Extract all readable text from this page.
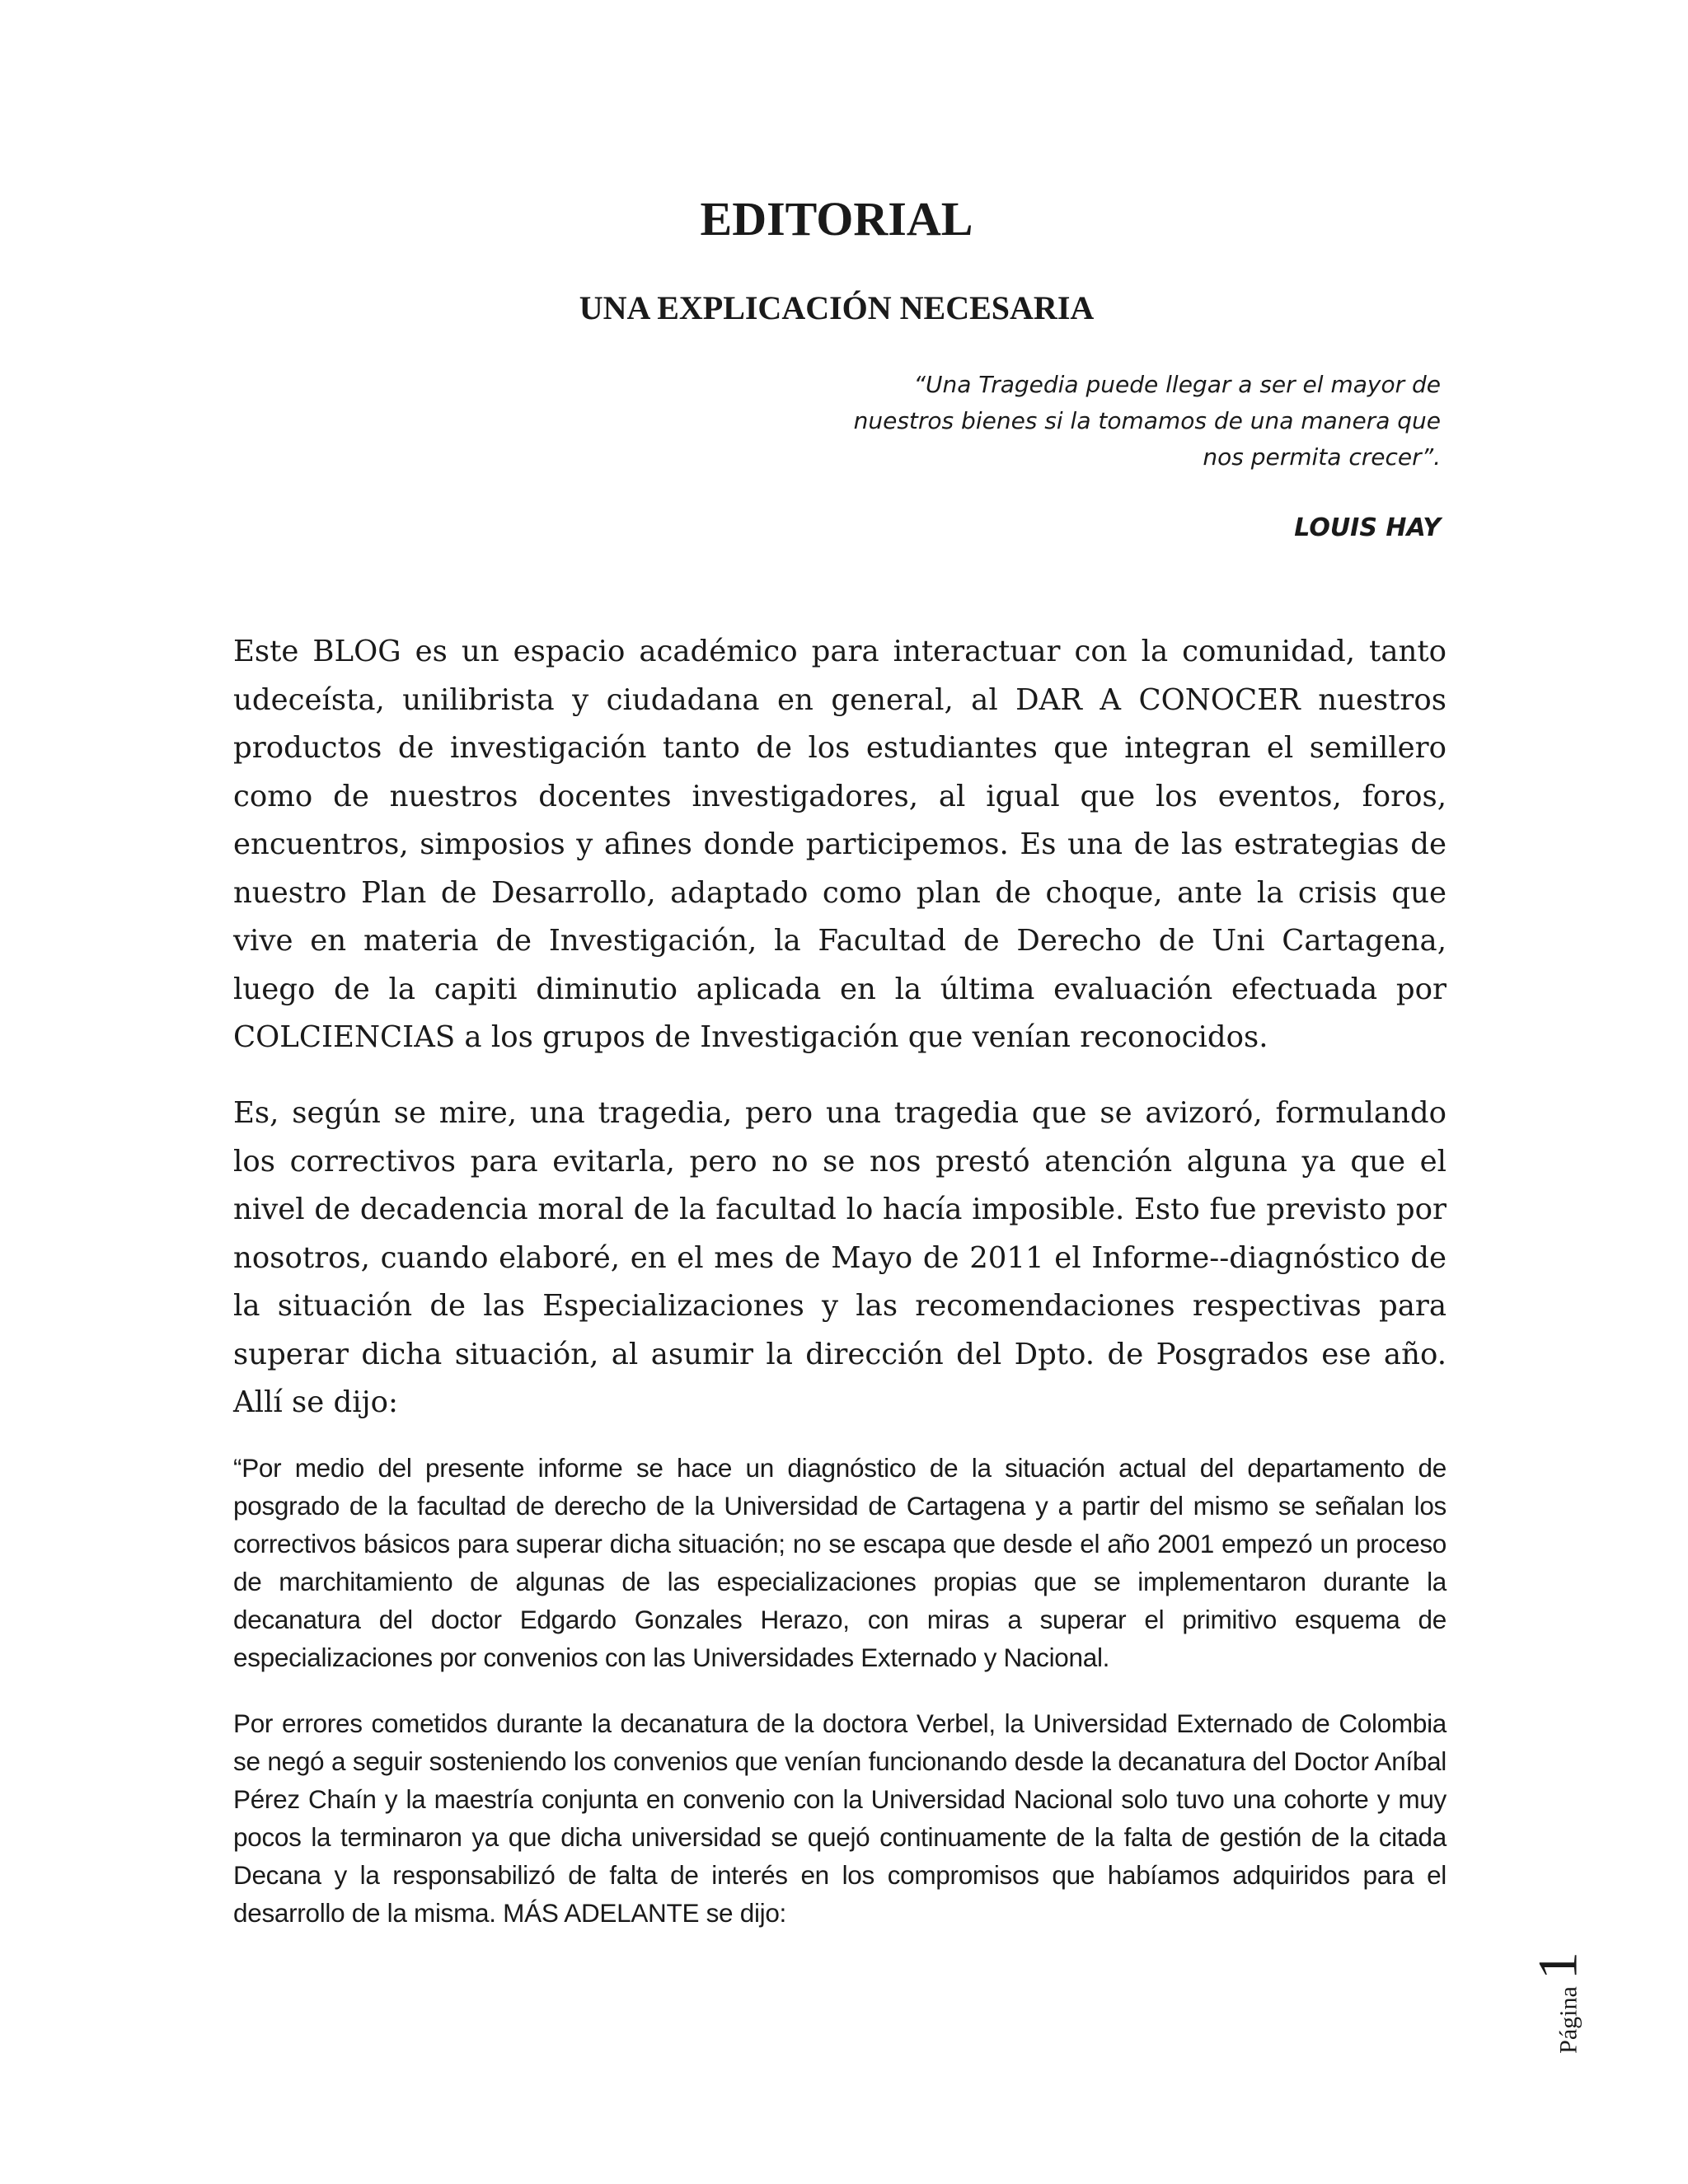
EDITORIAL
UNA EXPLICACIÓN NECESARIA
“Una Tragedia puede llegar a ser el mayor de nuestros bienes si la tomamos de una manera que nos permita crecer”.
LOUIS HAY

Este BLOG es un espacio académico para interactuar con la comunidad, tanto udeceísta, unilibrista y ciudadana en general, al DAR A CONOCER nuestros productos de investigación tanto de los estudiantes que integran el semillero como de nuestros docentes investigadores, al igual que los eventos, foros, encuentros, simposios y afines donde participemos. Es una de las estrategias de nuestro Plan de Desarrollo, adaptado como plan de choque, ante la crisis que vive en materia de Investigación, la Facultad de Derecho de Uni Cartagena, luego de la capiti diminutio aplicada en la última evaluación efectuada por COLCIENCIAS a los grupos de Investigación que venían reconocidos.

Es, según se mire, una tragedia, pero una tragedia que se avizoró, formulando los correctivos para evitarla, pero no se nos prestó atención alguna ya que el nivel de decadencia moral de la facultad lo hacía imposible. Esto fue previsto por nosotros, cuando elaboré, en el mes de Mayo de 2011 el Informe--diagnóstico de la situación de las Especializaciones y las recomendaciones respectivas para superar dicha situación, al asumir la dirección del Dpto. de Posgrados ese año. Allí se dijo:

“Por medio del presente informe se hace un diagnóstico de la situación actual del departamento de posgrado de la facultad de derecho de la Universidad de Cartagena y a partir del mismo se señalan los correctivos básicos para superar dicha situación; no se escapa que desde el año 2001 empezó un proceso de marchitamiento de algunas de las especializaciones propias que se implementaron durante la decanatura del doctor Edgardo Gonzales Herazo, con miras a superar el primitivo esquema de especializaciones por convenios con las Universidades Externado y Nacional.

Por errores cometidos durante la decanatura de la doctora Verbel, la Universidad Externado de Colombia se negó a seguir sosteniendo los convenios que venían funcionando desde la decanatura del Doctor Aníbal Pérez Chaín y la maestría conjunta en convenio con la Universidad Nacional solo tuvo una cohorte y muy pocos la terminaron ya que dicha universidad se quejó continuamente de la falta de gestión de la citada Decana y la responsabilizó de falta de interés en los compromisos que habíamos adquiridos para el desarrollo de la misma. MÁS ADELANTE se dijo:

Página1
